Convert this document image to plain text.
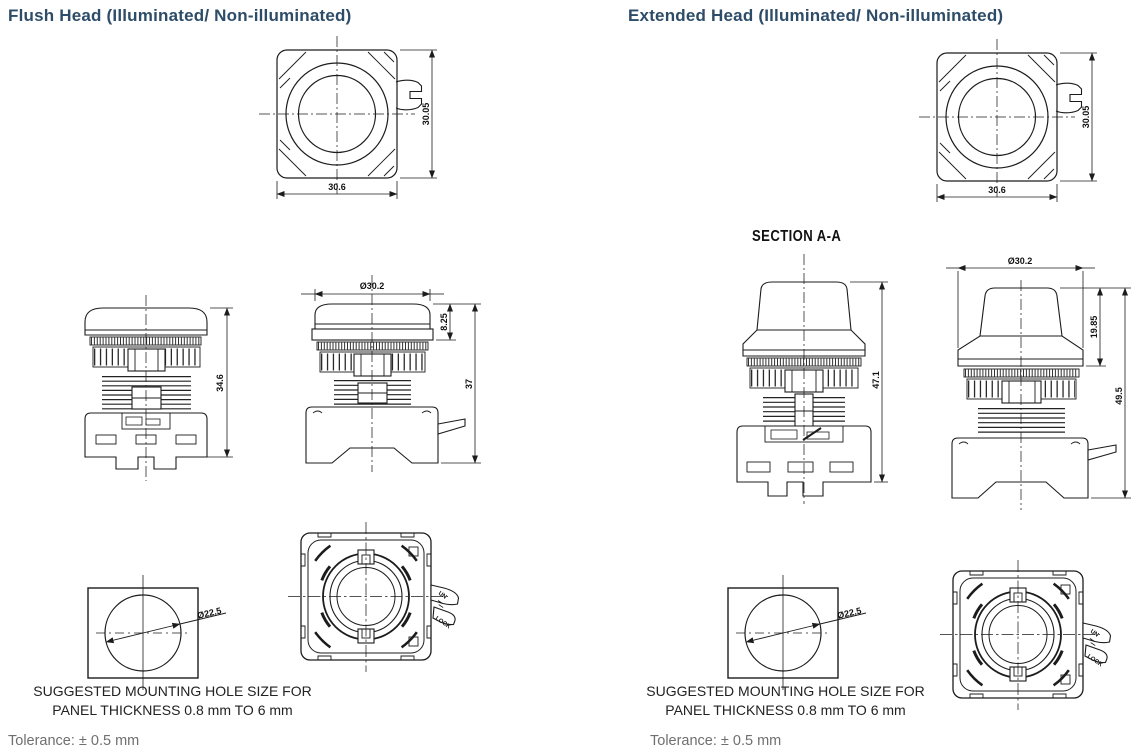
Flush Head (Illuminated/ Non-illuminated)
30.6
30.05
34.6
Ø30.2
8.25
37
Ø22.5
UN
LOCK
SUGGESTED MOUNTING HOLE SIZE FOR
PANEL THICKNESS 0.8 mm TO 6 mm
Tolerance: ± 0.5 mm
Extended Head (Illuminated/ Non-illuminated)
30.6
30.05
SECTION A-A
47.1
Ø30.2
19.85
49.5
Ø22.5
UN
LOCK
SUGGESTED MOUNTING HOLE SIZE FOR
PANEL THICKNESS 0.8 mm TO 6 mm
Tolerance: ± 0.5 mm
